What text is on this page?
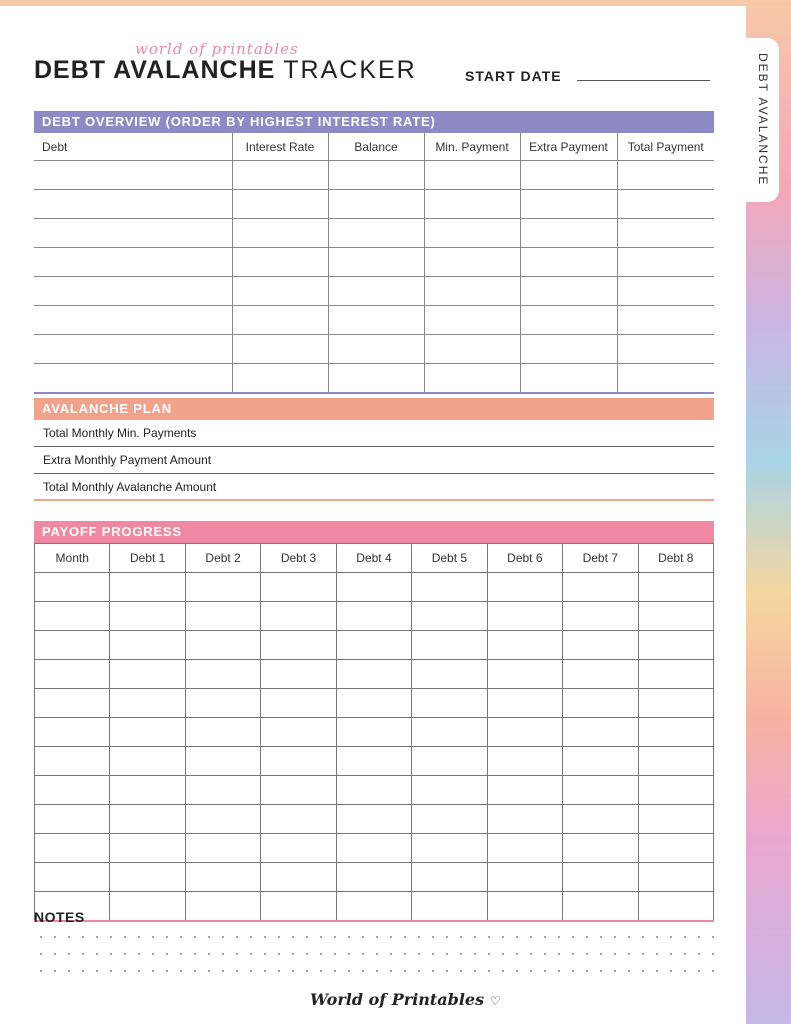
DEBT AVALANCHE
world of printables
DEBT AVALANCHE TRACKER	START DATE
DEBT OVERVIEW (ORDER BY HIGHEST INTEREST RATE)
Debt	Interest Rate	Balance	Min. Payment	Extra Payment	Total Payment

AVALANCHE PLAN
Total Monthly Min. Payments
Extra Monthly Payment Amount
Total Monthly Avalanche Amount
PAYOFF PROGRESS
Month	Debt 1	Debt 2	Debt 3	Debt 4	Debt 5	Debt 6	Debt 7	Debt 8

NOTES
World of Printables ♡
